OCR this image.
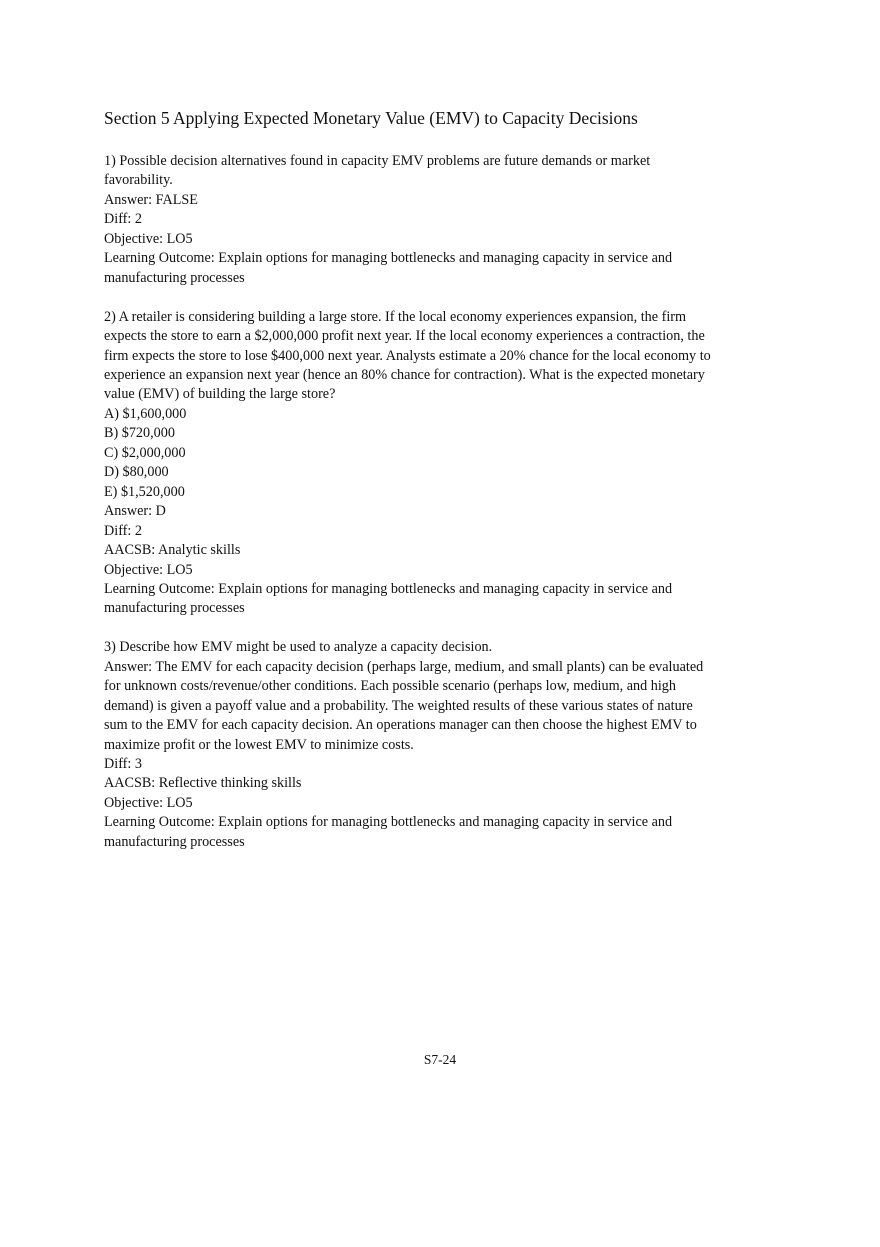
Section 5 Applying Expected Monetary Value (EMV) to Capacity Decisions
1) Possible decision alternatives found in capacity EMV problems are future demands or market
favorability.
Answer: FALSE
Diff: 2
Objective: LO5
Learning Outcome: Explain options for managing bottlenecks and managing capacity in service and
manufacturing processes
2) A retailer is considering building a large store. If the local economy experiences expansion, the firm
expects the store to earn a $2,000,000 profit next year. If the local economy experiences a contraction, the
firm expects the store to lose $400,000 next year. Analysts estimate a 20% chance for the local economy to
experience an expansion next year (hence an 80% chance for contraction). What is the expected monetary
value (EMV) of building the large store?
A) $1,600,000
B) $720,000
C) $2,000,000
D) $80,000
E) $1,520,000
Answer: D
Diff: 2
AACSB: Analytic skills
Objective: LO5
Learning Outcome: Explain options for managing bottlenecks and managing capacity in service and
manufacturing processes
3) Describe how EMV might be used to analyze a capacity decision.
Answer: The EMV for each capacity decision (perhaps large, medium, and small plants) can be evaluated
for unknown costs/revenue/other conditions. Each possible scenario (perhaps low, medium, and high
demand) is given a payoff value and a probability. The weighted results of these various states of nature
sum to the EMV for each capacity decision. An operations manager can then choose the highest EMV to
maximize profit or the lowest EMV to minimize costs.
Diff: 3
AACSB: Reflective thinking skills
Objective: LO5
Learning Outcome: Explain options for managing bottlenecks and managing capacity in service and
manufacturing processes
S7-24
